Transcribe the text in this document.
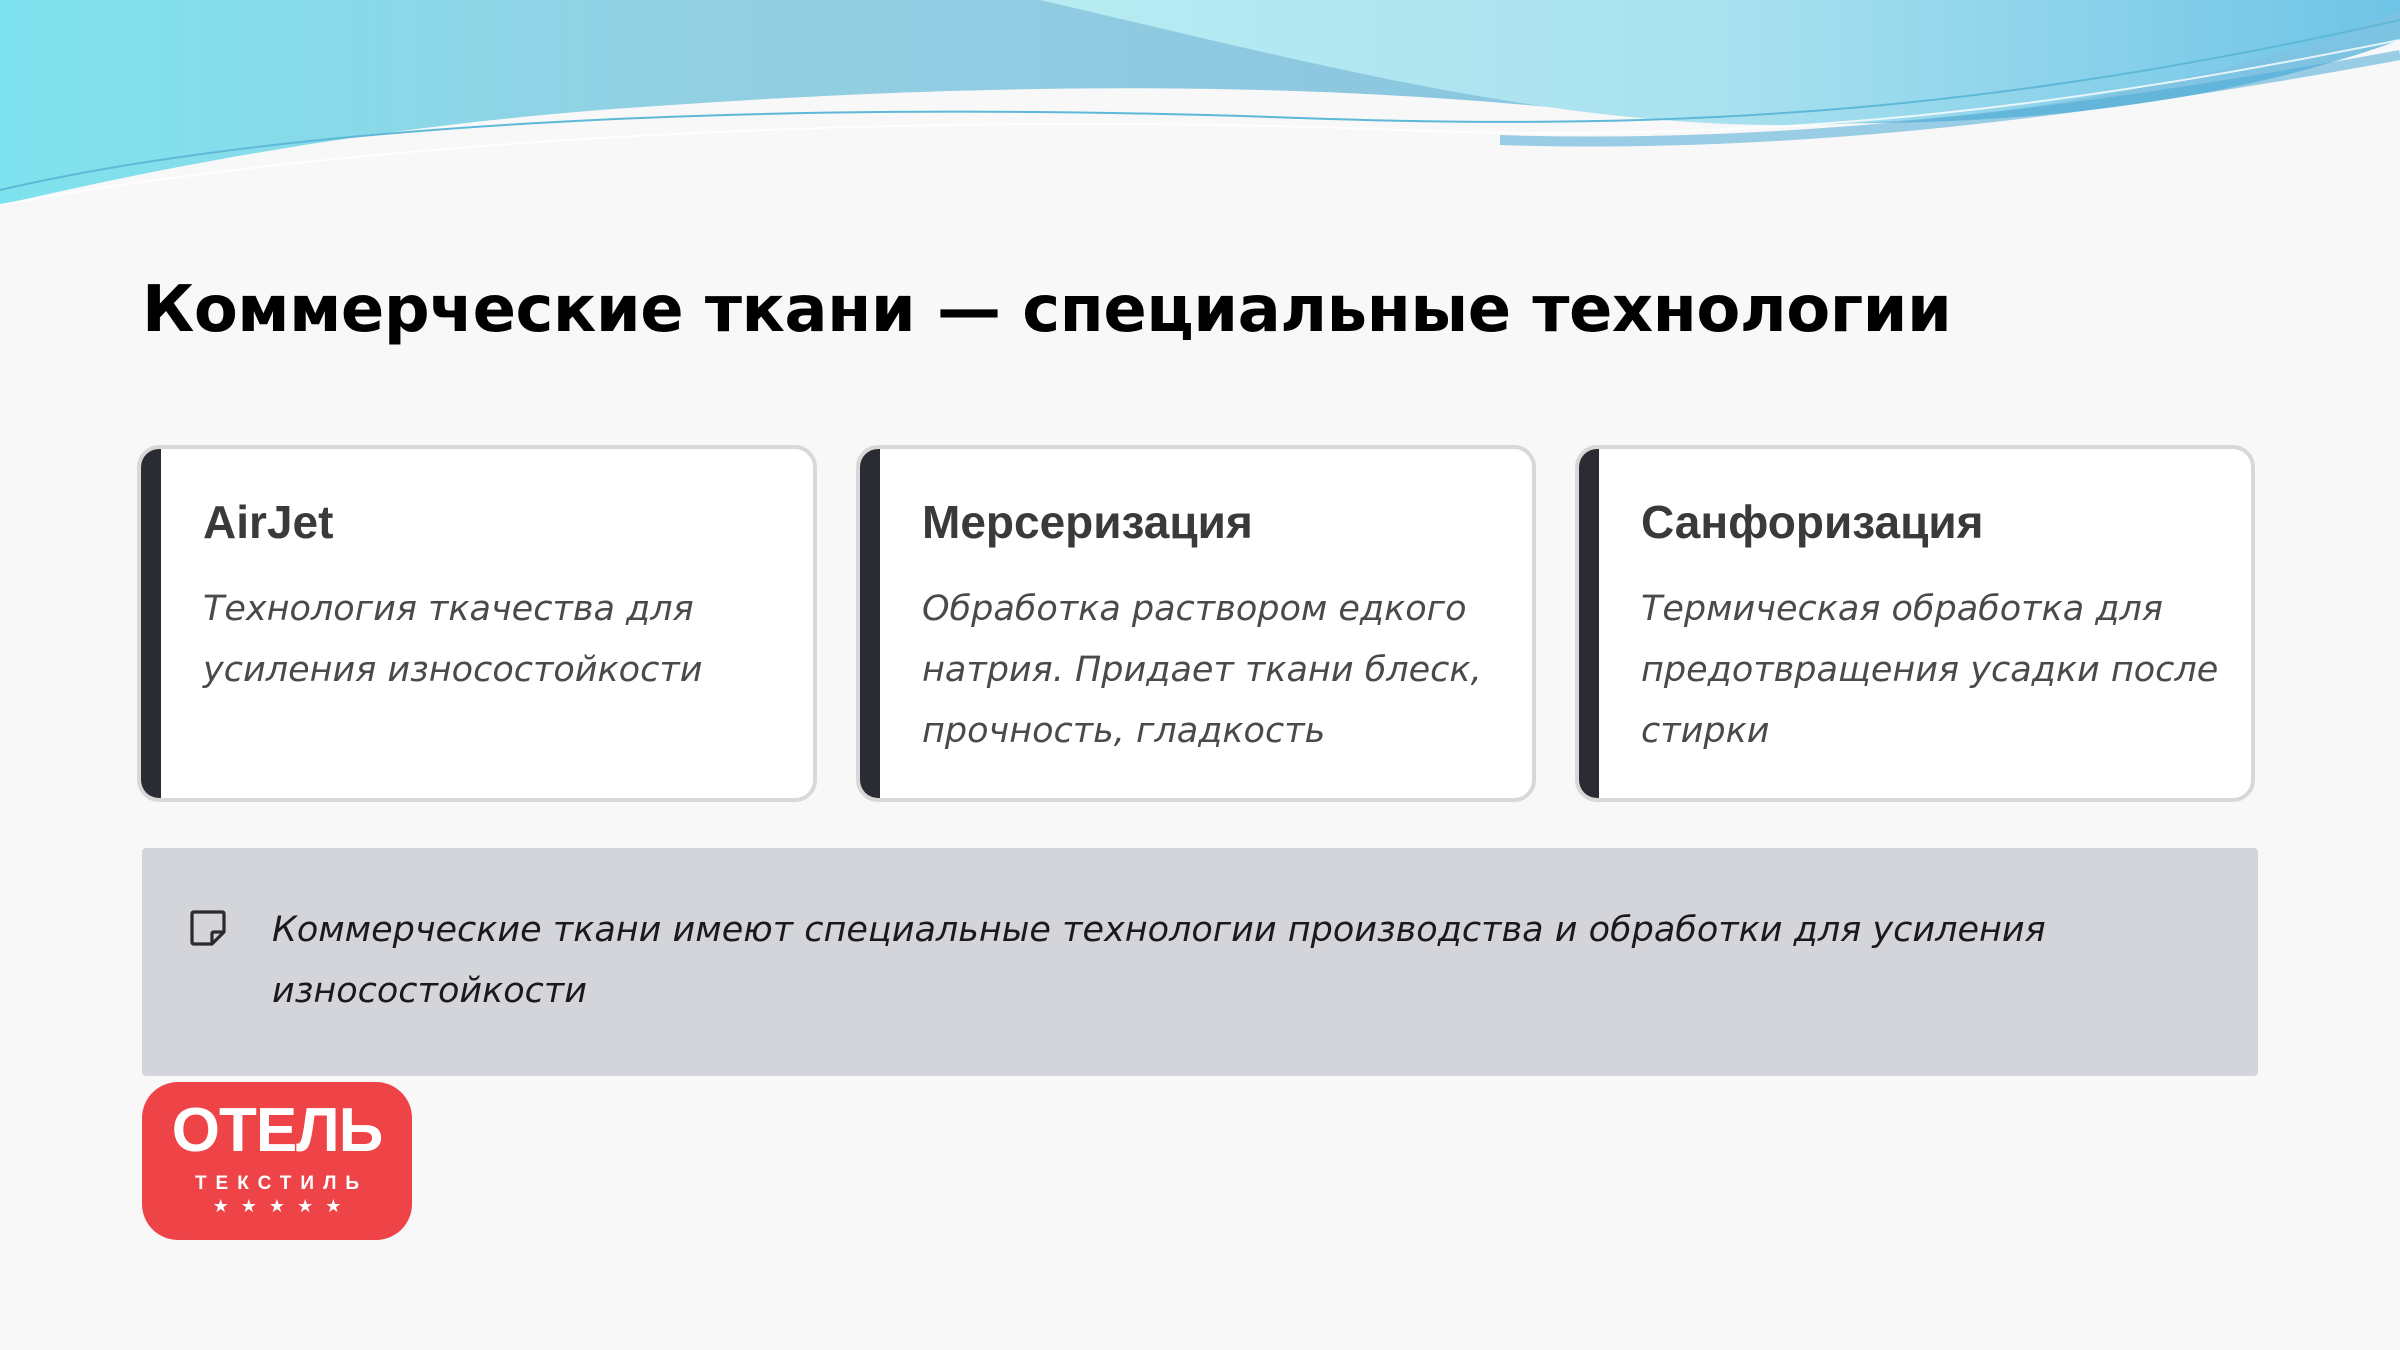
Коммерческие ткани — специальные технологии
AirJet

Технология ткачества для усиления износостойкости

Мерсеризация

Обработка раствором едкого натрия. Придает ткани блеск, прочность, гладкость

Санфоризация

Термическая обработка для предотвращения усадки после стирки

Коммерческие ткани имеют специальные технологии производства и обработки для усиления износостойкости

ОТЕЛЬ
ТЕКСТИЛЬ
★★★★★
